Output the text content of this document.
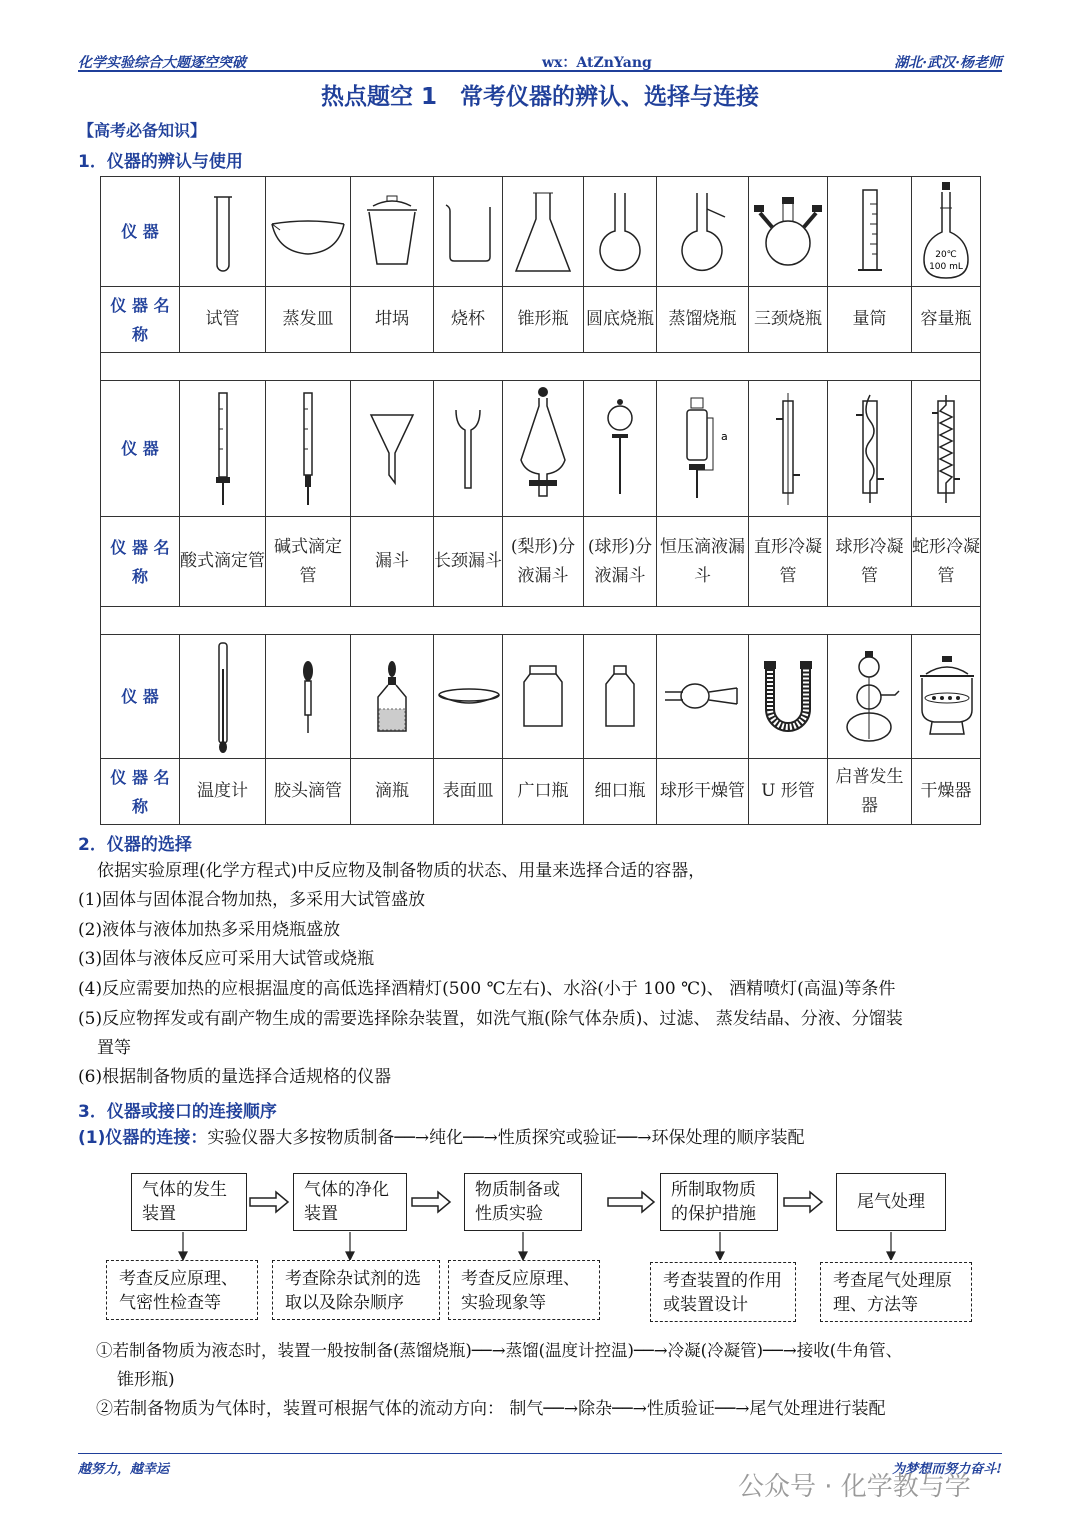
化学实验综合大题逐空突破	wx：AtZnYang	湖北·武汉·杨老师
热点题空 1　常考仪器的辨认、选择与连接
【高考必备知识】
1．仪器的辨认与使用
仪 器										20℃
100 mL

仪 器 名 称	试管	蒸发皿	坩埚	烧杯	锥形瓶	圆底烧瓶	蒸馏烧瓶	三颈烧瓶	量筒	容量瓶

仪 器							a

仪 器 名 称	酸式滴定管	碱式滴定管	漏斗	长颈漏斗	(梨形)分液漏斗	(球形)分液漏斗	恒压滴液漏斗	直形冷凝管	球形冷凝管	蛇形冷凝管

仪 器	

仪 器 名 称	温度计	胶头滴管	滴瓶	表面皿	广口瓶	细口瓶	球形干燥管	U 形管	启普发生器	干燥器
2．仪器的选择
依据实验原理(化学方程式)中反应物及制备物质的状态、用量来选择合适的容器，
(1)固体与固体混合物加热，多采用大试管盛放
(2)液体与液体加热多采用烧瓶盛放
(3)固体与液体反应可采用大试管或烧瓶
(4)反应需要加热的应根据温度的高低选择酒精灯(500 ℃左右)、水浴(小于 100 ℃)、 酒精喷灯(高温)等条件
(5)反应物挥发或有副产物生成的需要选择除杂装置，如洗气瓶(除气体杂质)、过滤、 蒸发结晶、分液、分馏装
置等
(6)根据制备物质的量选择合适规格的仪器
3．仪器或接口的连接顺序
(1)仪器的连接：实验仪器大多按物质制备──→纯化──→性质探究或验证──→环保处理的顺序装配
气体的发生装置
气体的净化装置
物质制备或性质实验
所制取物质的保护措施
尾气处理
考查反应原理、气密性检查等
考查除杂试剂的选取以及除杂顺序
考查反应原理、实验现象等
考查装置的作用或装置设计
考查尾气处理原理、方法等
①若制备物质为液态时，装置一般按制备(蒸馏烧瓶)──→蒸馏(温度计控温)──→冷凝(冷凝管)──→接收(牛角管、
锥形瓶)
②若制备物质为气体时，装置可根据气体的流动方向： 制气──→除杂──→性质验证──→尾气处理进行装配
越努力，越幸运	为梦想而努力奋斗!
公众号 · 化学教与学
